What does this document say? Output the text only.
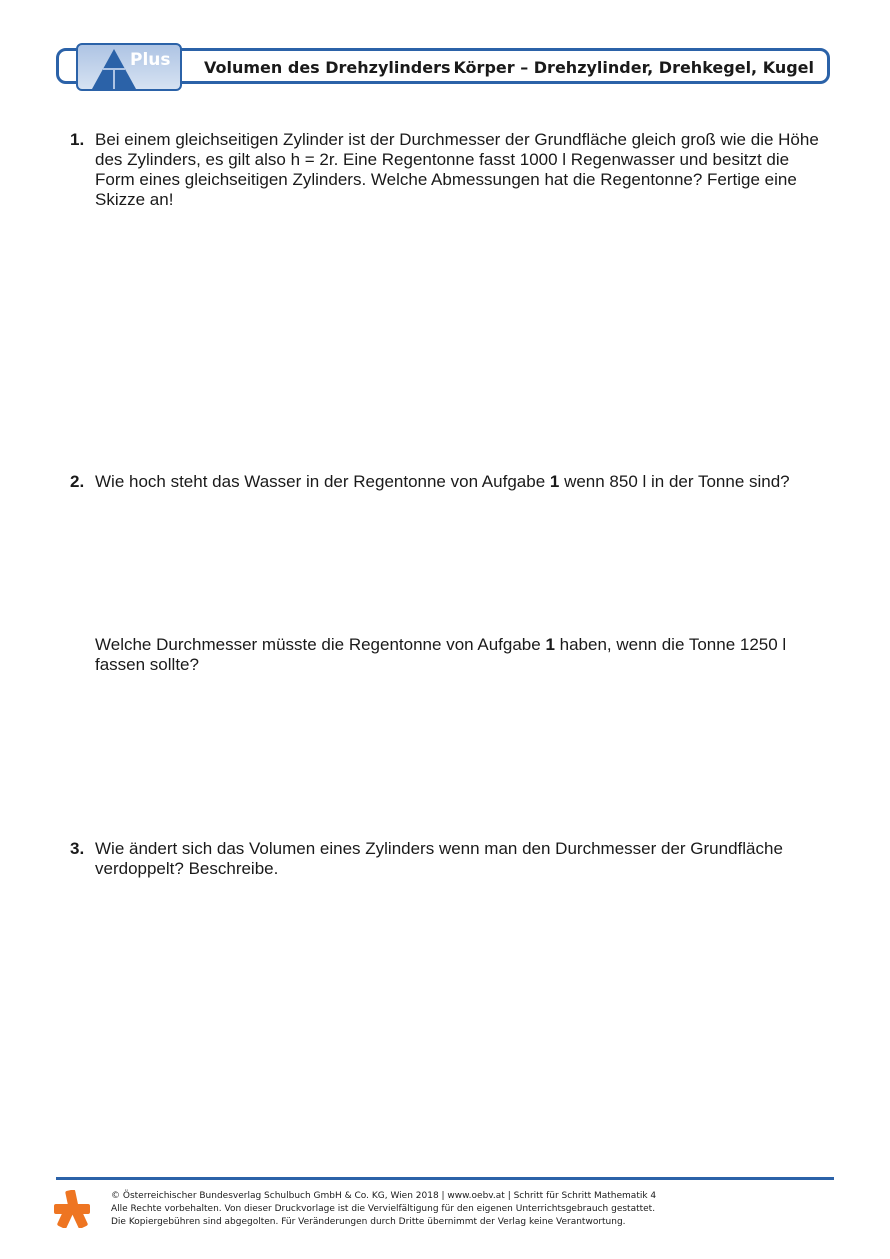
Plus Volumen des Drehzylinders Körper – Drehzylinder, Drehkegel, Kugel
1. Bei einem gleichseitigen Zylinder ist der Durchmesser der Grundfläche gleich groß wie die Höhe des Zylinders, es gilt also h = 2r. Eine Regentonne fasst 1000 l Regenwasser und besitzt die Form eines gleichseitigen Zylinders. Welche Abmessungen hat die Regentonne? Fertige eine Skizze an!
2. Wie hoch steht das Wasser in der Regentonne von Aufgabe 1 wenn 850 l in der Tonne sind?
Welche Durchmesser müsste die Regentonne von Aufgabe 1 haben, wenn die Tonne 1250 l fassen sollte?
3. Wie ändert sich das Volumen eines Zylinders wenn man den Durchmesser der Grundfläche verdoppelt? Beschreibe.
© Österreichischer Bundesverlag Schulbuch GmbH & Co. KG, Wien 2018 | www.oebv.at | Schritt für Schritt Mathematik 4
Alle Rechte vorbehalten. Von dieser Druckvorlage ist die Vervielfältigung für den eigenen Unterrichtsgebrauch gestattet.
Die Kopiergebühren sind abgegolten. Für Veränderungen durch Dritte übernimmt der Verlag keine Verantwortung.
